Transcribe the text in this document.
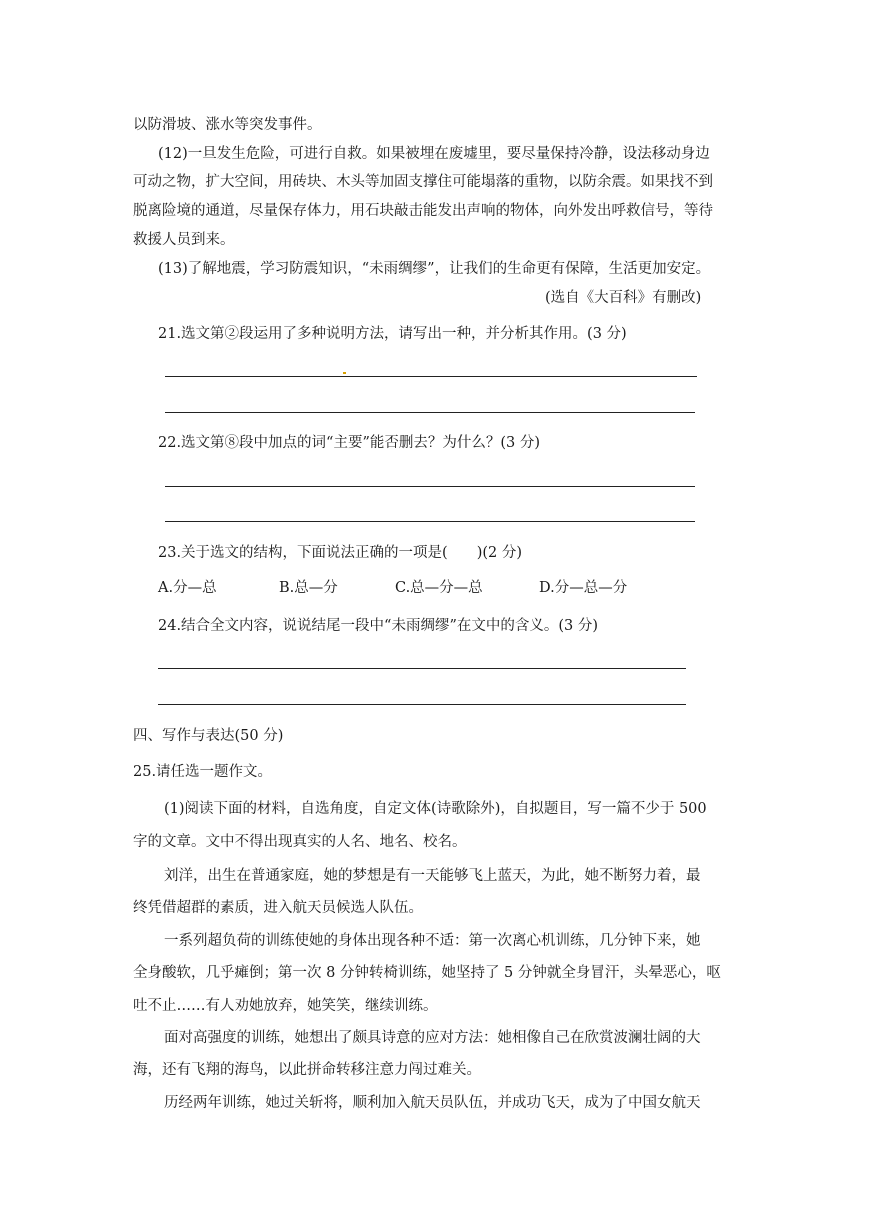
以防滑坡、涨水等突发事件。
(12)一旦发生危险，可进行自救。如果被埋在废墟里，要尽量保持冷静，设法移动身边
可动之物，扩大空间，用砖块、木头等加固支撑住可能塌落的重物，以防余震。如果找不到
脱离险境的通道，尽量保存体力，用石块敲击能发出声响的物体，向外发出呼救信号，等待
救援人员到来。
(13)了解地震，学习防震知识，“未雨绸缪”，让我们的生命更有保障，生活更加安定。
(选自《大百科》有删改)
21.选文第②段运用了多种说明方法，请写出一种，并分析其作用。(3 分)
22.选文第⑧段中加点的词“主要”能否删去？为什么？(3 分)
23.关于选文的结构，下面说法正确的一项是(　　)(2 分)
A.分—总	B.总—分	C.总—分—总	D.分—总—分
24.结合全文内容，说说结尾一段中“未雨绸缪”在文中的含义。(3 分)
四、写作与表达(50 分)
25.请任选一题作文。
(1)阅读下面的材料，自选角度，自定文体(诗歌除外)，自拟题目，写一篇不少于 500
字的文章。文中不得出现真实的人名、地名、校名。
刘洋，出生在普通家庭，她的梦想是有一天能够飞上蓝天，为此，她不断努力着，最
终凭借超群的素质，进入航天员候选人队伍。
一系列超负荷的训练使她的身体出现各种不适：第一次离心机训练，几分钟下来，她
全身酸软，几乎瘫倒；第一次 8 分钟转椅训练，她坚持了 5 分钟就全身冒汗，头晕恶心，呕
吐不止……有人劝她放弃，她笑笑，继续训练。
面对高强度的训练，她想出了颇具诗意的应对方法：她相像自己在欣赏波澜壮阔的大
海，还有飞翔的海鸟，以此拼命转移注意力闯过难关。
历经两年训练，她过关斩将，顺利加入航天员队伍，并成功飞天，成为了中国女航天
